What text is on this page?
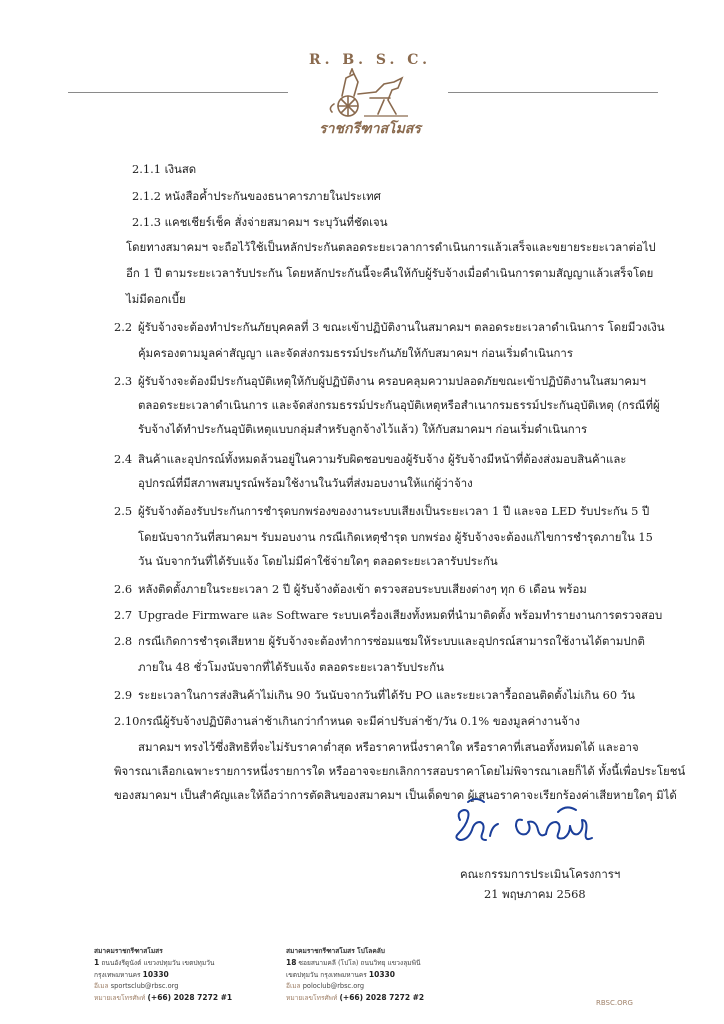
R. B. S. C.
ราชกรีฑาสโมสร
2.1.1 เงินสด
2.1.2 หนังสือค้ำประกันของธนาคารภายในประเทศ
2.1.3 แคชเชียร์เช็ค สั่งจ่ายสมาคมฯ ระบุวันที่ชัดเจน
โดยทางสมาคมฯ จะถือไว้ใช้เป็นหลักประกันตลอดระยะเวลาการดำเนินการแล้วเสร็จและขยายระยะเวลาต่อไป
อีก 1 ปี ตามระยะเวลารับประกัน โดยหลักประกันนี้จะคืนให้กับผู้รับจ้างเมื่อดำเนินการตามสัญญาแล้วเสร็จโดย
ไม่มีดอกเบี้ย
2.2 ผู้รับจ้างจะต้องทำประกันภัยบุคคลที่ 3 ขณะเข้าปฏิบัติงานในสมาคมฯ ตลอดระยะเวลาดำเนินการ โดยมีวงเงิน
คุ้มครองตามมูลค่าสัญญา และจัดส่งกรมธรรม์ประกันภัยให้กับสมาคมฯ ก่อนเริ่มดำเนินการ
2.3 ผู้รับจ้างจะต้องมีประกันอุบัติเหตุให้กับผู้ปฏิบัติงาน ครอบคลุมความปลอดภัยขณะเข้าปฏิบัติงานในสมาคมฯ
ตลอดระยะเวลาดำเนินการ และจัดส่งกรมธรรม์ประกันอุบัติเหตุหรือสำเนากรมธรรม์ประกันอุบัติเหตุ (กรณีที่ผู้
รับจ้างได้ทำประกันอุบัติเหตุแบบกลุ่มสำหรับลูกจ้างไว้แล้ว) ให้กับสมาคมฯ ก่อนเริ่มดำเนินการ
2.4 สินค้าและอุปกรณ์ทั้งหมดล้วนอยู่ในความรับผิดชอบของผู้รับจ้าง ผู้รับจ้างมีหน้าที่ต้องส่งมอบสินค้าและ
อุปกรณ์ที่มีสภาพสมบูรณ์พร้อมใช้งานในวันที่ส่งมอบงานให้แก่ผู้ว่าจ้าง
2.5 ผู้รับจ้างต้องรับประกันการชำรุดบกพร่องของงานระบบเสียงเป็นระยะเวลา 1 ปี และจอ LED รับประกัน 5 ปี
โดยนับจากวันที่สมาคมฯ รับมอบงาน กรณีเกิดเหตุชำรุด บกพร่อง ผู้รับจ้างจะต้องแก้ไขการชำรุดภายใน 15
วัน นับจากวันที่ได้รับแจ้ง โดยไม่มีค่าใช้จ่ายใดๆ ตลอดระยะเวลารับประกัน
2.6 หลังติดตั้งภายในระยะเวลา 2 ปี ผู้รับจ้างต้องเข้า ตรวจสอบระบบเสียงต่างๆ ทุก 6 เดือน พร้อม
2.7 Upgrade Firmware และ Software ระบบเครื่องเสียงทั้งหมดที่นำมาติดตั้ง พร้อมทำรายงานการตรวจสอบ
2.8 กรณีเกิดการชำรุดเสียหาย ผู้รับจ้างจะต้องทำการซ่อมแซมให้ระบบและอุปกรณ์สามารถใช้งานได้ตามปกติ
ภายใน 48 ชั่วโมงนับจากที่ได้รับแจ้ง ตลอดระยะเวลารับประกัน
2.9 ระยะเวลาในการส่งสินค้าไม่เกิน 90 วันนับจากวันที่ได้รับ PO และระยะเวลารื้อถอนติดตั้งไม่เกิน 60 วัน
2.10กรณีผู้รับจ้างปฏิบัติงานล่าช้าเกินกว่ากำหนด จะมีค่าปรับล่าช้า/วัน 0.1% ของมูลค่างานจ้าง
สมาคมฯ ทรงไว้ซึ่งสิทธิที่จะไม่รับราคาต่ำสุด หรือราคาหนึ่งราคาใด หรือราคาที่เสนอทั้งหมดได้ และอาจ
พิจารณาเลือกเฉพาะรายการหนึ่งรายการใด หรืออาจจะยกเลิกการสอบราคาโดยไม่พิจารณาเลยก็ได้ ทั้งนี้เพื่อประโยชน์
ของสมาคมฯ เป็นสำคัญและให้ถือว่าการตัดสินของสมาคมฯ เป็นเด็ดขาด ผู้เสนอราคาจะเรียกร้องค่าเสียหายใดๆ มิได้
คณะกรรมการประเมินโครงการฯ
21 พฤษภาคม 2568
สมาคมราชกรีฑาสโมสร
1 ถนนอังรีดูนังต์ แขวงปทุมวัน เขตปทุมวัน
กรุงเทพมหานคร 10330
อีเมล sportsclub@rbsc.org
หมายเลขโทรศัพท์ (+66) 2028 7272 #1
สมาคมราชกรีฑาสโมสร โปโลคลับ
18 ซอยสนามคลี (โปโล) ถนนวิทยุ แขวงลุมพินี
เขตปทุมวัน กรุงเทพมหานคร 10330
อีเมล poloclub@rbsc.org
หมายเลขโทรศัพท์ (+66) 2028 7272 #2
RBSC.ORG
